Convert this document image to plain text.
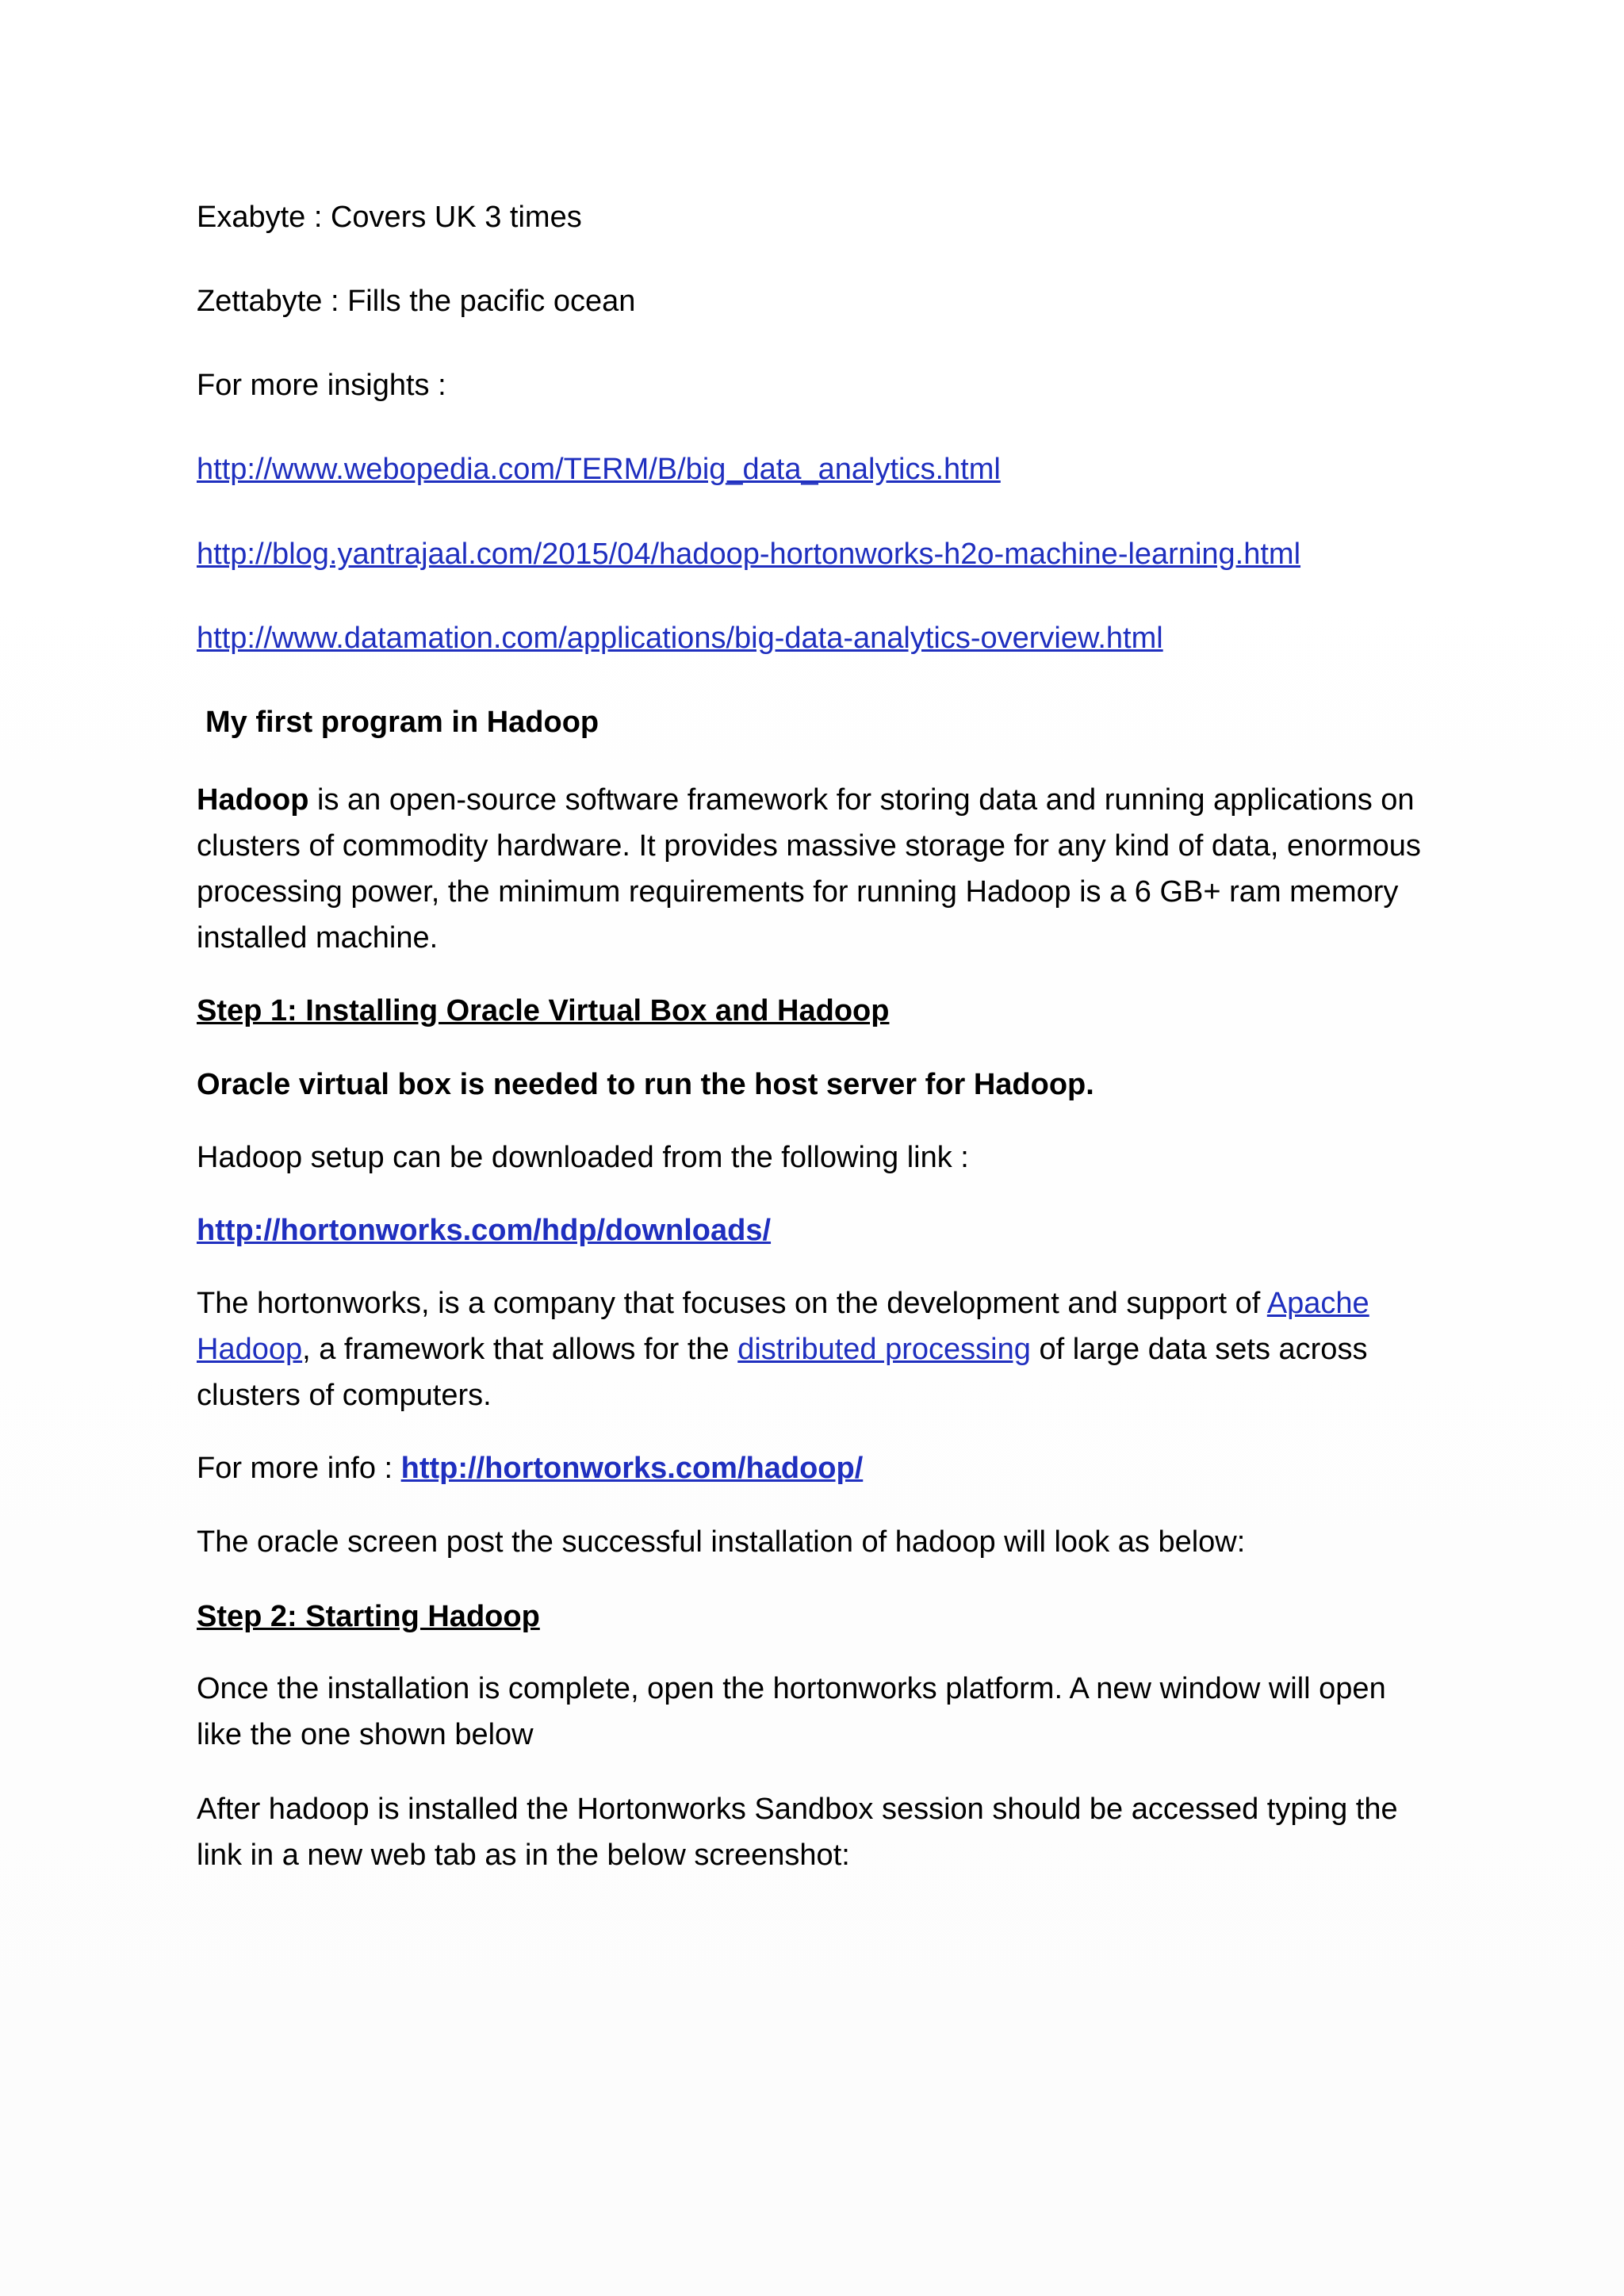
Exabyte : Covers UK 3 times

Zettabyte : Fills the pacific ocean

For more insights :

http://www.webopedia.com/TERM/B/big_data_analytics.html

http://blog.yantrajaal.com/2015/04/hadoop-hortonworks-h2o-machine-learning.html

http://www.datamation.com/applications/big-data-analytics-overview.html

My first program in Hadoop

Hadoop is an open-source software framework for storing data and running applications on clusters of commodity hardware. It provides massive storage for any kind of data, enormous processing power, the minimum requirements for running Hadoop is a 6 GB+ ram memory installed machine.

Step 1: Installing Oracle Virtual Box and Hadoop

Oracle virtual box is needed to run the host server for Hadoop.

Hadoop setup can be downloaded from the following link :

http://hortonworks.com/hdp/downloads/

The hortonworks, is a company that focuses on the development and support of Apache Hadoop, a framework that allows for the distributed processing of large data sets across clusters of computers.

For more info : http://hortonworks.com/hadoop/

The oracle screen post the successful installation of hadoop will look as below:

Step 2: Starting Hadoop

Once the installation is complete, open the hortonworks platform. A new window will open like the one shown below

After hadoop is installed the Hortonworks Sandbox session should be accessed typing the link in a new web tab as in the below screenshot:
